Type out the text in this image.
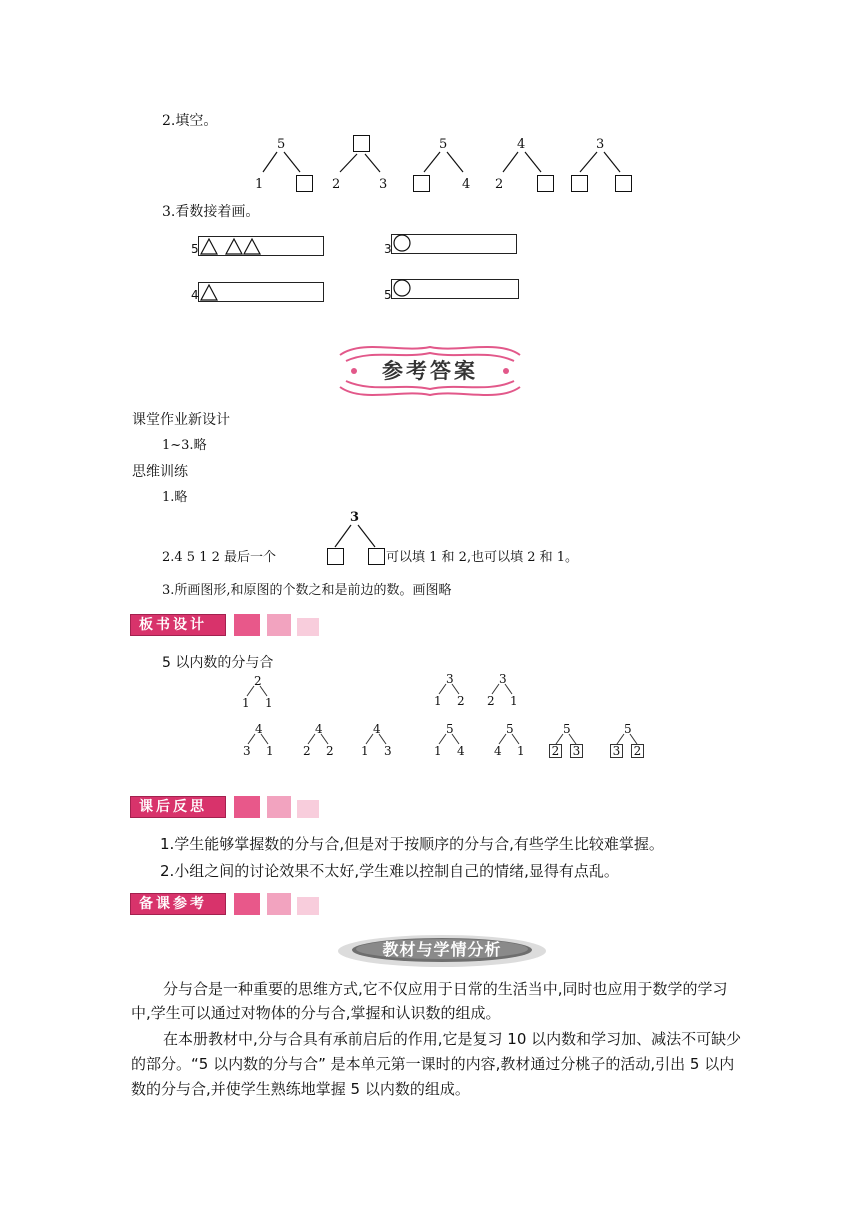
2.填空。
5
1	2	3
5
4
4
2
3
3.看数接着画。
5	3
4	5
参考答案
课堂作业新设计
1~3.略
思维训练
1.略
2.4 5 1 2 最后一个
3
可以填 1 和 2,也可以填 2 和 1。
3.所画图形,和原图的个数之和是前边的数。画图略
板书设计
5 以内数的分与合
2
1 1
3
1 2
3
2 1
4
3 1
4
2 2
4
1 3
5
1 4
5
4 1
5
2 3
5
3 2
课后反思
1.学生能够掌握数的分与合,但是对于按顺序的分与合,有些学生比较难掌握。
2.小组之间的讨论效果不太好,学生难以控制自己的情绪,显得有点乱。
备课参考
教材与学情分析
分与合是一种重要的思维方式,它不仅应用于日常的生活当中,同时也应用于数学的学习
中,学生可以通过对物体的分与合,掌握和认识数的组成。
在本册教材中,分与合具有承前启后的作用,它是复习 10 以内数和学习加、减法不可缺少
的部分。“5 以内数的分与合” 是本单元第一课时的内容,教材通过分桃子的活动,引出 5 以内
数的分与合,并使学生熟练地掌握 5 以内数的组成。
